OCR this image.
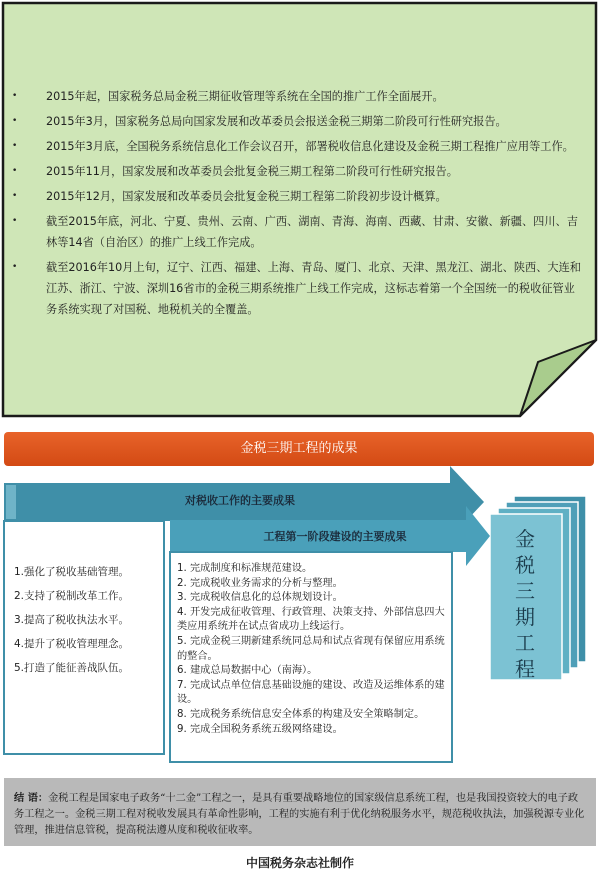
•	2015年起，国家税务总局金税三期征收管理等系统在全国的推广工作全面展开。
•	2015年3月，国家税务总局向国家发展和改革委员会报送金税三期第二阶段可行性研究报告。
•	2015年3月底，全国税务系统信息化工作会议召开，部署税收信息化建设及金税三期工程推广应用等工作。
•	2015年11月，国家发展和改革委员会批复金税三期工程第二阶段可行性研究报告。
•	2015年12月，国家发展和改革委员会批复金税三期工程第二阶段初步设计概算。
•	截至2015年底，河北、宁夏、贵州、云南、广西、湖南、青海、海南、西藏、甘肃、安徽、新疆、四川、吉林等14省（自治区）的推广上线工作完成。
•	截至2016年10月上旬，辽宁、江西、福建、上海、青岛、厦门、北京、天津、黑龙江、湖北、陕西、大连和江苏、浙江、宁波、深圳16省市的金税三期系统推广上线工作完成，这标志着第一个全国统一的税收征管业务系统实现了对国税、地税机关的全覆盖。
金税三期工程的成果
对税收工作的主要成果
工程第一阶段建设的主要成果
1.强化了税收基础管理。
2.支持了税制改革工作。
3.提高了税收执法水平。
4.提升了税收管理理念。
5.打造了能征善战队伍。
1. 完成制度和标准规范建设。
2. 完成税收业务需求的分析与整理。
3. 完成税收信息化的总体规划设计。
4. 开发完成征收管理、行政管理、决策支持、外部信息四大类应用系统并在试点省成功上线运行。
5. 完成金税三期新建系统同总局和试点省现有保留应用系统的整合。
6. 建成总局数据中心（南海）。
7. 完成试点单位信息基础设施的建设、改造及运维体系的建设。
8. 完成税务系统信息安全体系的构建及安全策略制定。
9. 完成全国税务系统五级网络建设。
金税三期工程

结 语：金税工程是国家电子政务“十二金”工程之一，是具有重要战略地位的国家级信息系统工程，也是我国投资较大的电子政务工程之一。金税三期工程对税收发展具有革命性影响，工程的实施有利于优化纳税服务水平，规范税收执法，加强税源专业化管理，推进信息管税，提高税法遵从度和税收征收率。

中国税务杂志社制作
